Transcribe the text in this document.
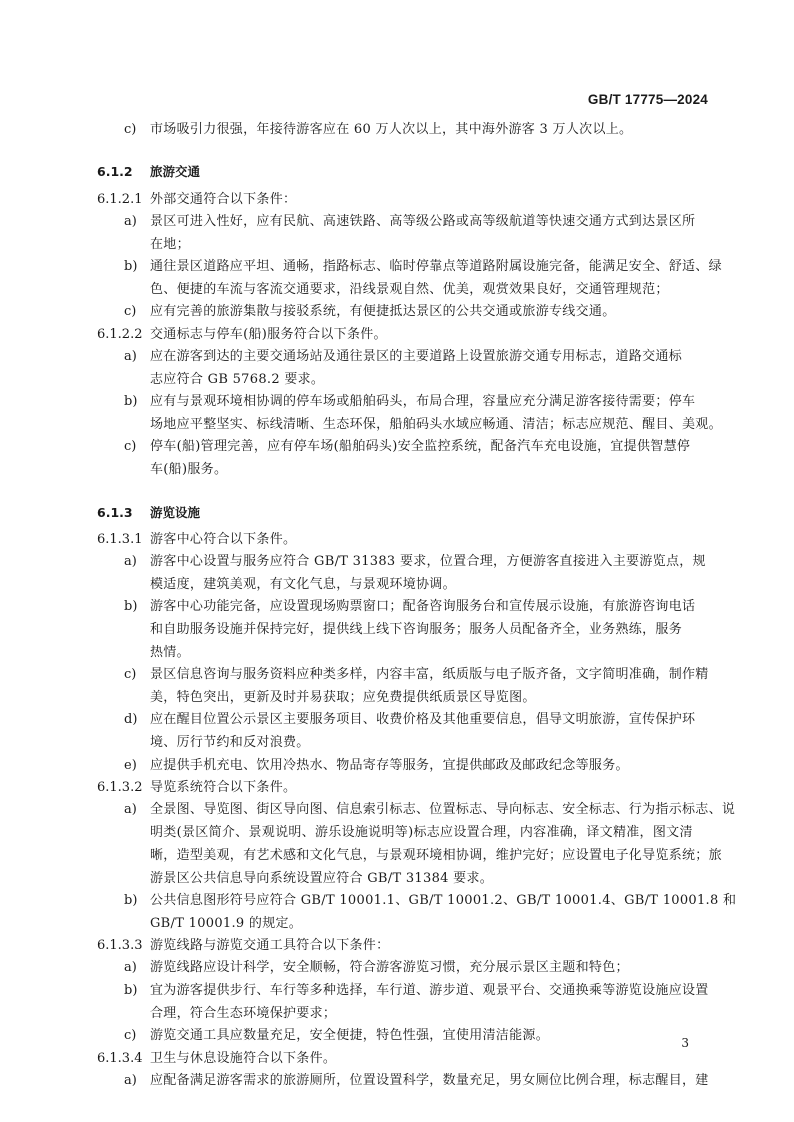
GB/T 17775—2024
c) 市场吸引力很强，年接待游客应在 60 万人次以上，其中海外游客 3 万人次以上。
6.1.2 旅游交通
6.1.2.1 外部交通符合以下条件：
a) 景区可进入性好，应有民航、高速铁路、高等级公路或高等级航道等快速交通方式到达景区所
在地；
b) 通往景区道路应平坦、通畅，指路标志、临时停靠点等道路附属设施完备，能满足安全、舒适、绿
色、便捷的车流与客流交通要求，沿线景观自然、优美，观赏效果良好，交通管理规范；
c) 应有完善的旅游集散与接驳系统，有便捷抵达景区的公共交通或旅游专线交通。
6.1.2.2 交通标志与停车(船)服务符合以下条件。
a) 应在游客到达的主要交通场站及通往景区的主要道路上设置旅游交通专用标志，道路交通标
志应符合 GB 5768.2 要求。
b) 应有与景观环境相协调的停车场或船舶码头，布局合理，容量应充分满足游客接待需要；停车
场地应平整坚实、标线清晰、生态环保，船舶码头水域应畅通、清洁；标志应规范、醒目、美观。
c) 停车(船)管理完善，应有停车场(船舶码头)安全监控系统，配备汽车充电设施，宜提供智慧停
车(船)服务。
6.1.3 游览设施
6.1.3.1 游客中心符合以下条件。
a) 游客中心设置与服务应符合 GB/T 31383 要求，位置合理，方便游客直接进入主要游览点，规
模适度，建筑美观，有文化气息，与景观环境协调。
b) 游客中心功能完备，应设置现场购票窗口；配备咨询服务台和宣传展示设施，有旅游咨询电话
和自助服务设施并保持完好，提供线上线下咨询服务；服务人员配备齐全，业务熟练，服务
热情。
c) 景区信息咨询与服务资料应种类多样，内容丰富，纸质版与电子版齐备，文字简明准确，制作精
美，特色突出，更新及时并易获取；应免费提供纸质景区导览图。
d) 应在醒目位置公示景区主要服务项目、收费价格及其他重要信息，倡导文明旅游，宣传保护环
境、厉行节约和反对浪费。
e) 应提供手机充电、饮用冷热水、物品寄存等服务，宜提供邮政及邮政纪念等服务。
6.1.3.2 导览系统符合以下条件。
a) 全景图、导览图、街区导向图、信息索引标志、位置标志、导向标志、安全标志、行为指示标志、说
明类(景区简介、景观说明、游乐设施说明等)标志应设置合理，内容准确，译文精准，图文清
晰，造型美观，有艺术感和文化气息，与景观环境相协调，维护完好；应设置电子化导览系统；旅
游景区公共信息导向系统设置应符合 GB/T 31384 要求。
b) 公共信息图形符号应符合 GB/T 10001.1、GB/T 10001.2、GB/T 10001.4、GB/T 10001.8 和
GB/T 10001.9 的规定。
6.1.3.3 游览线路与游览交通工具符合以下条件：
a) 游览线路应设计科学，安全顺畅，符合游客游览习惯，充分展示景区主题和特色；
b) 宜为游客提供步行、车行等多种选择，车行道、游步道、观景平台、交通换乘等游览设施应设置
合理，符合生态环境保护要求；
c) 游览交通工具应数量充足，安全便捷，特色性强，宜使用清洁能源。
6.1.3.4 卫生与休息设施符合以下条件。
a) 应配备满足游客需求的旅游厕所，位置设置科学，数量充足，男女厕位比例合理，标志醒目，建
3
